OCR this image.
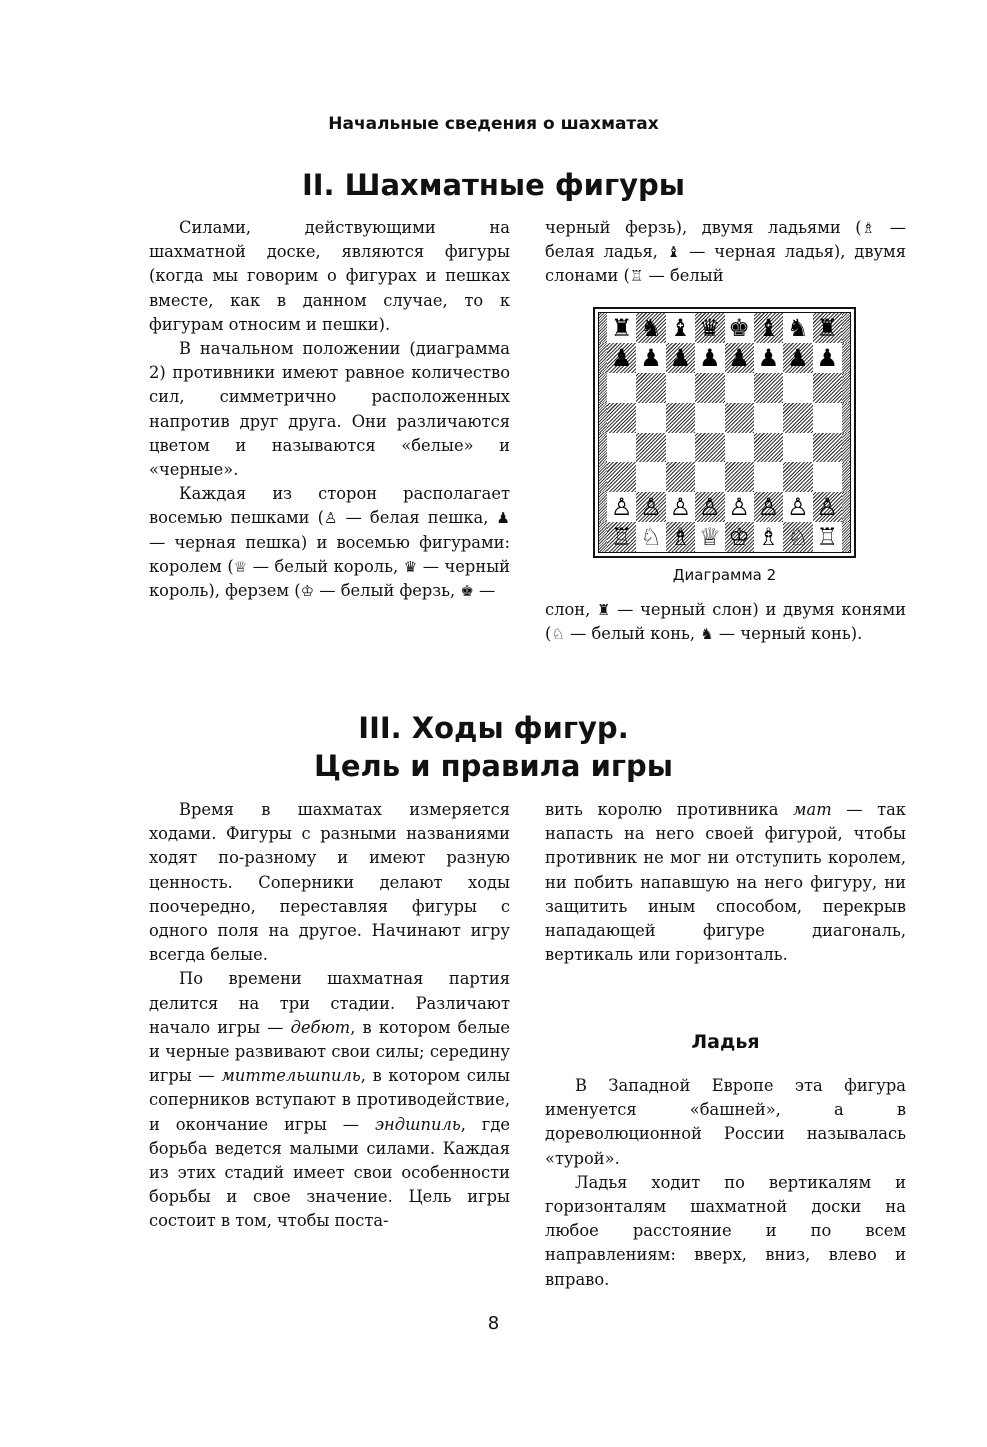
Начальные сведения о шахматах
II. Шахматные фигуры

Силами, действующими на шахматной доске, являются фигуры (когда мы говорим о фигурах и пешках вместе, как в данном случае, то к фигурам относим и пешки).

В начальном положении (диаграмма 2) противники имеют равное количество сил, симметрично расположенных напротив друг друга. Они различаются цветом и называются «белые» и «черные».

Каждая из сторон располагает восемью пешками (♙ — белая пешка, ♟ — черная пешка) и восемью фигурами: королем (♕ — белый король, ♛ — черный король), ферзем (♔ — белый ферзь, ♚ —

черный ферзь), двумя ладьями (♗ — белая ладья, ♝ — черная ладья), двумя слонами (♖ — белый

♜ ♞ ♝ ♛ ♚ ♝ ♞ ♜
♟ ♟ ♟ ♟ ♟ ♟ ♟ ♟
♙ ♙ ♙ ♙ ♙ ♙ ♙ ♙
♖ ♘ ♗ ♕ ♔ ♗ ♘ ♖
Диаграмма 2

слон, ♜ — черный слон) и двумя конями (♘ — белый конь, ♞ — черный конь).

III. Ходы фигур.
Цель и правила игры

Время в шахматах измеряется ходами. Фигуры с разными названиями ходят по-разному и имеют разную ценность. Соперники делают ходы поочередно, переставляя фигуры с одного поля на другое. Начинают игру всегда белые.

По времени шахматная партия делится на три стадии. Различают начало игры — дебют, в котором белые и черные развивают свои силы; середину игры — миттельшпиль, в котором силы соперников вступают в противодействие, и окончание игры — эндшпиль, где борьба ведется малыми силами. Каждая из этих стадий имеет свои особенности борьбы и свое значение. Цель игры состоит в том, чтобы поста-

вить королю противника мат — так напасть на него своей фигурой, чтобы противник не мог ни отступить королем, ни побить напавшую на него фигуру, ни защитить иным способом, перекрыв нападающей фигуре диагональ, вертикаль или горизонталь.

Ладья

В Западной Европе эта фигура именуется «башней», а в дореволюционной России называлась «турой».

Ладья ходит по вертикалям и горизонталям шахматной доски на любое расстояние и по всем направлениям: вверх, вниз, влево и вправо.

8
